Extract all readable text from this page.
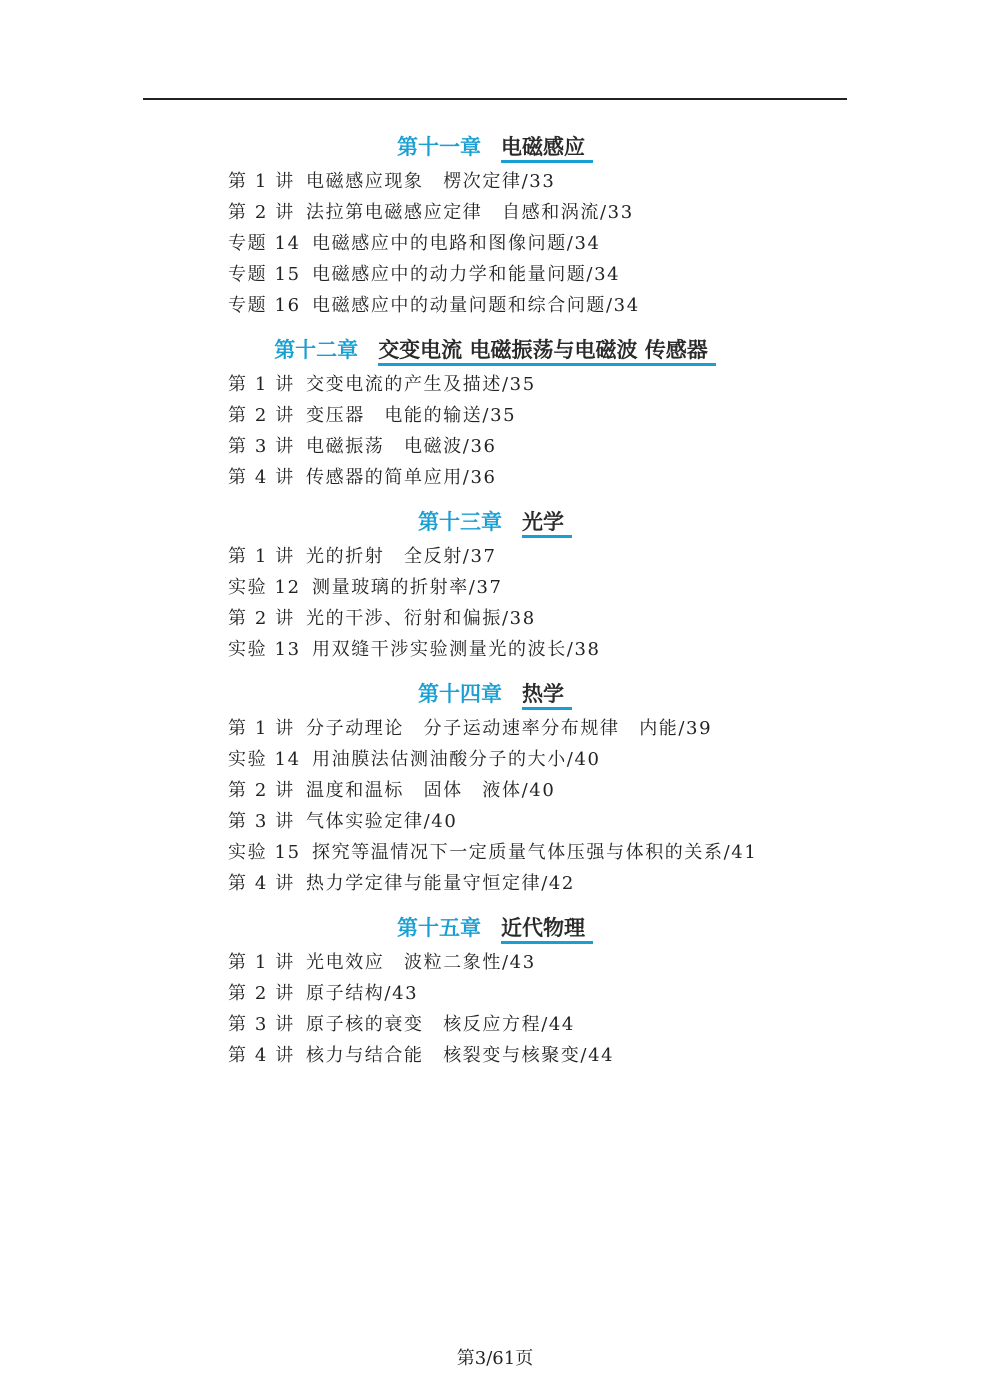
第十一章 电磁感应
第 1 讲 电磁感应现象　楞次定律/33
第 2 讲 法拉第电磁感应定律　自感和涡流/33
专题 14 电磁感应中的电路和图像问题/34
专题 15 电磁感应中的动力学和能量问题/34
专题 16 电磁感应中的动量问题和综合问题/34
第十二章 交变电流 电磁振荡与电磁波 传感器
第 1 讲 交变电流的产生及描述/35
第 2 讲 变压器　电能的输送/35
第 3 讲 电磁振荡　电磁波/36
第 4 讲 传感器的简单应用/36
第十三章 光学
第 1 讲 光的折射　全反射/37
实验 12 测量玻璃的折射率/37
第 2 讲 光的干涉、衍射和偏振/38
实验 13 用双缝干涉实验测量光的波长/38
第十四章 热学
第 1 讲 分子动理论　分子运动速率分布规律　内能/39
实验 14 用油膜法估测油酸分子的大小/40
第 2 讲 温度和温标　固体　液体/40
第 3 讲 气体实验定律/40
实验 15 探究等温情况下一定质量气体压强与体积的关系/41
第 4 讲 热力学定律与能量守恒定律/42
第十五章 近代物理
第 1 讲 光电效应　波粒二象性/43
第 2 讲 原子结构/43
第 3 讲 原子核的衰变　核反应方程/44
第 4 讲 核力与结合能　核裂变与核聚变/44
第3/61页
